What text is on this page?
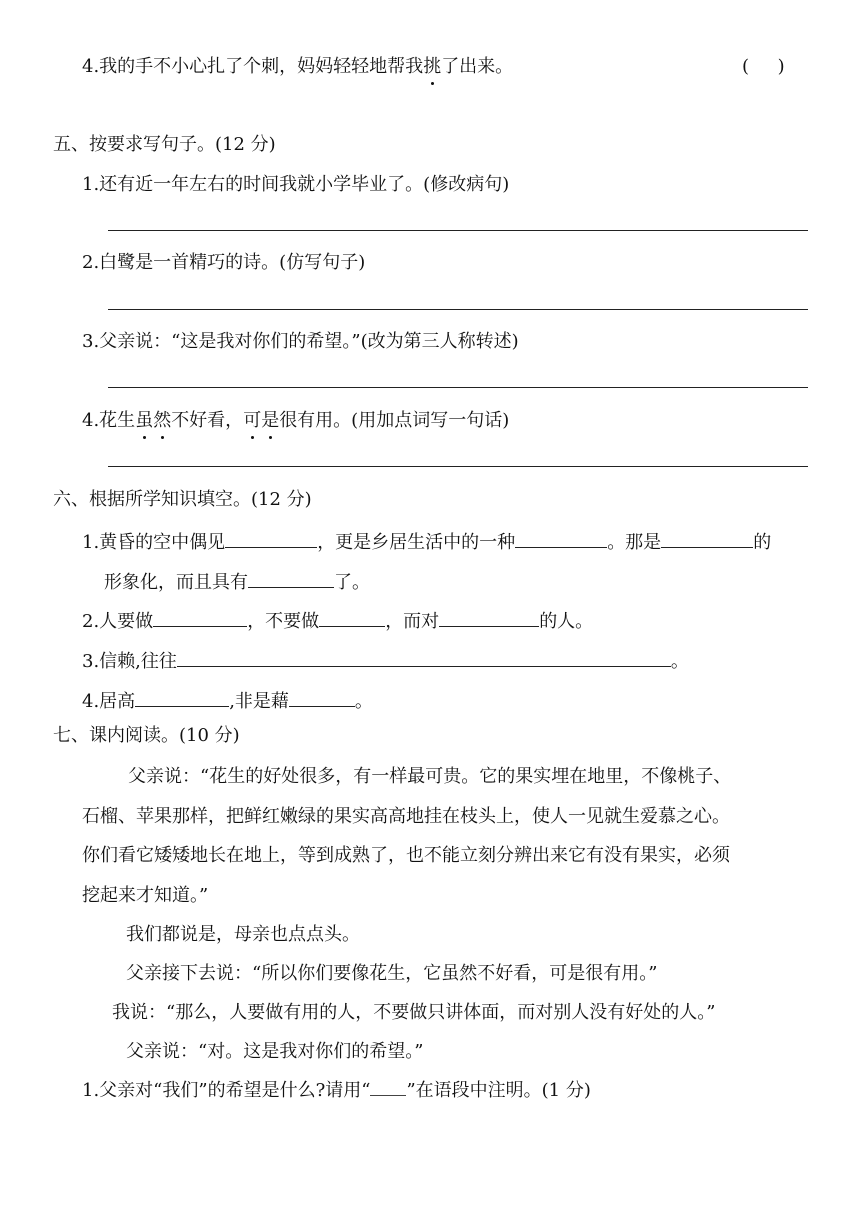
4.我的手不小心扎了个刺，妈妈轻轻地帮我挑了出来。	(     )
五、按要求写句子。(12 分)
1.还有近一年左右的时间我就小学毕业了。(修改病句)
2.白鹭是一首精巧的诗。(仿写句子)
3.父亲说：“这是我对你们的希望。”(改为第三人称转述)
4.花生虽然不好看，可是很有用。(用加点词写一句话)
六、根据所学知识填空。(12 分)
1.黄昏的空中偶见	，更是乡居生活中的一种	。那是	的
形象化，而且具有	了。
2.人要做	，不要做	，而对	的人。
3.信赖,往往	。
4.居高	,非是藉	。
七、课内阅读。(10 分)
父亲说：“花生的好处很多，有一样最可贵。它的果实埋在地里，不像桃子、
石榴、苹果那样，把鲜红嫩绿的果实高高地挂在枝头上，使人一见就生爱慕之心。
你们看它矮矮地长在地上，等到成熟了，也不能立刻分辨出来它有没有果实，必须
挖起来才知道。”
我们都说是，母亲也点点头。
父亲接下去说：“所以你们要像花生，它虽然不好看，可是很有用。”
我说：“那么，人要做有用的人，不要做只讲体面，而对别人没有好处的人。”
父亲说：“对。这是我对你们的希望。”
1.父亲对“我们”的希望是什么?请用“ ”在语段中注明。(1 分)
